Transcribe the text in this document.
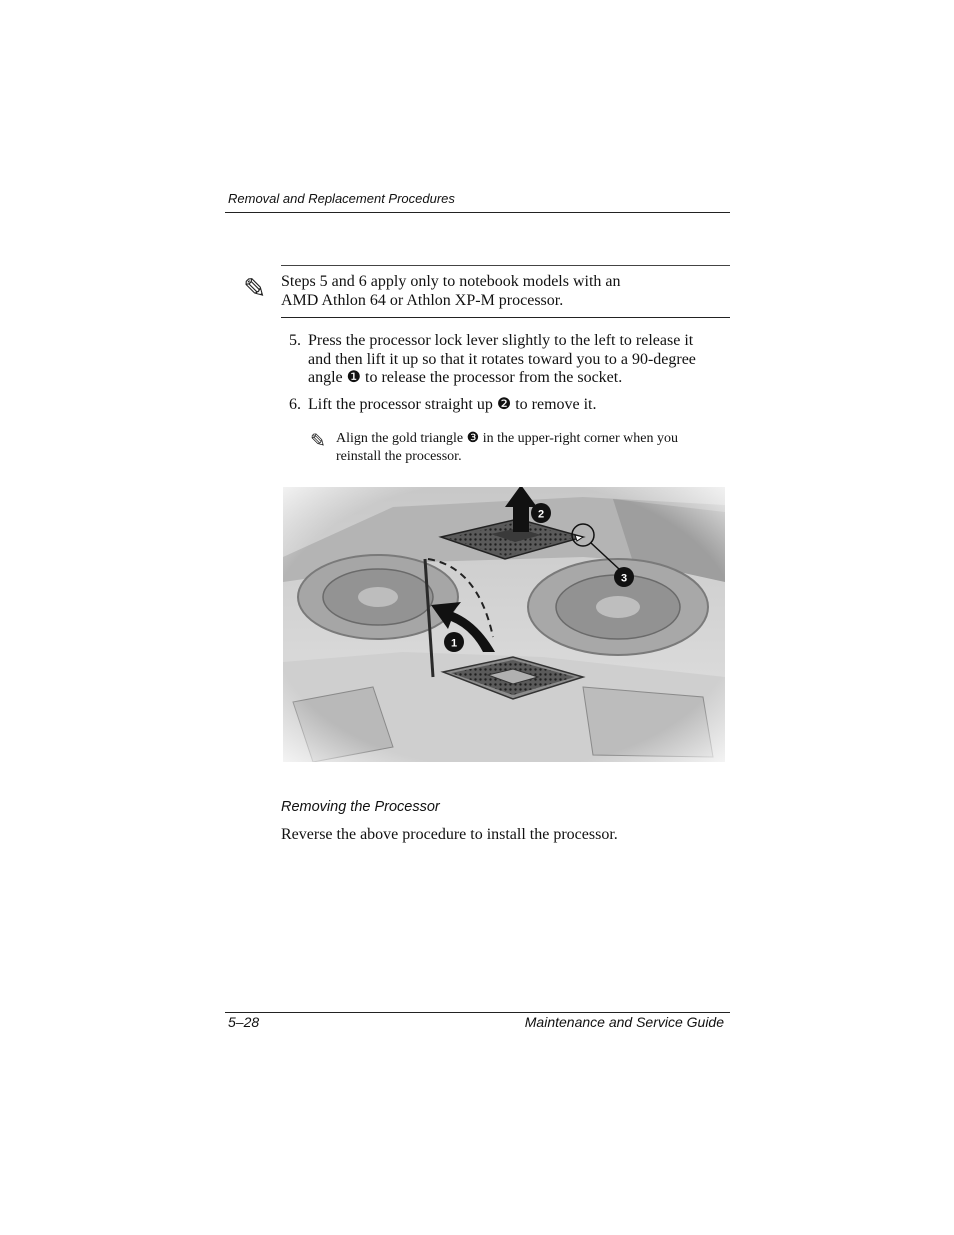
Removal and Replacement Procedures
✎ Steps 5 and 6 apply only to notebook models with an
AMD Athlon 64 or Athlon XP-M processor.
5. Press the processor lock lever slightly to the left to release it
and then lift it up so that it rotates toward you to a 90-degree
angle ❶ to release the processor from the socket.
6. Lift the processor straight up ❷ to remove it.
✎ Align the gold triangle ❸ in the upper-right corner when you
reinstall the processor.
Removing the Processor
Reverse the above procedure to install the processor.
5–28	Maintenance and Service Guide
